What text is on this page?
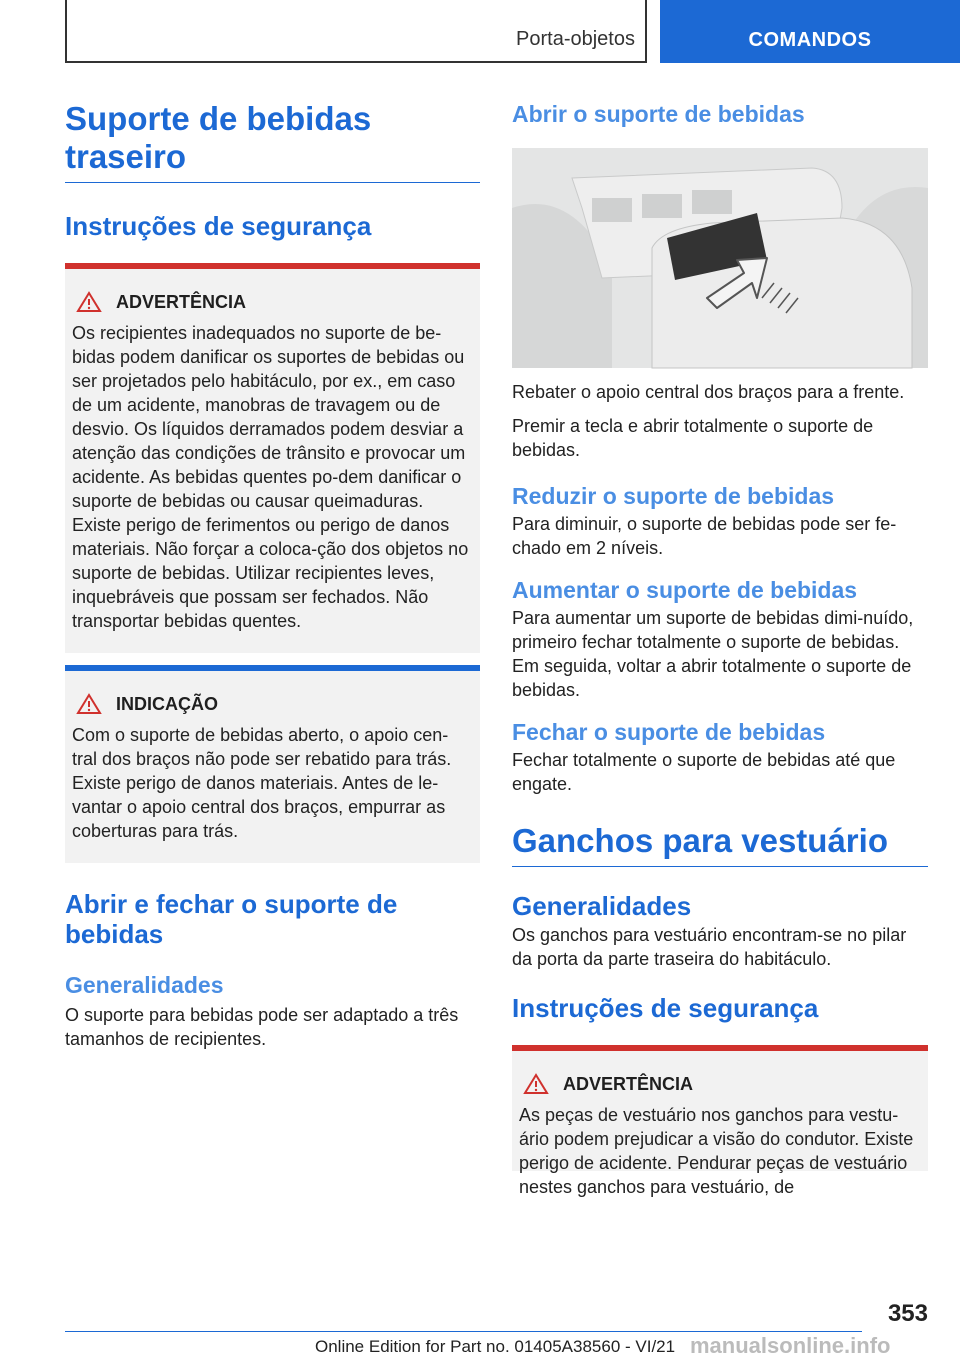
Porta-objetos	COMANDOS
Suporte de bebidas traseiro
Instruções de segurança
ADVERTÊNCIA

Os recipientes inadequados no suporte de be-bidas podem danificar os suportes de bebidas ou ser projetados pelo habitáculo, por ex., em caso de um acidente, manobras de travagem ou de desvio. Os líquidos derramados podem desviar a atenção das condições de trânsito e provocar um acidente. As bebidas quentes po-dem danificar o suporte de bebidas ou causar queimaduras. Existe perigo de ferimentos ou perigo de danos materiais. Não forçar a coloca-ção dos objetos no suporte de bebidas. Utilizar recipientes leves, inquebráveis que possam ser fechados. Não transportar bebidas quentes.

INDICAÇÃO

Com o suporte de bebidas aberto, o apoio cen-tral dos braços não pode ser rebatido para trás. Existe perigo de danos materiais. Antes de le-vantar o apoio central dos braços, empurrar as coberturas para trás.

Abrir e fechar o suporte de bebidas
Generalidades

O suporte para bebidas pode ser adaptado a três tamanhos de recipientes.

Abrir o suporte de bebidas

Rebater o apoio central dos braços para a frente.

Premir a tecla e abrir totalmente o suporte de bebidas.

Reduzir o suporte de bebidas

Para diminuir, o suporte de bebidas pode ser fe-chado em 2 níveis.

Aumentar o suporte de bebidas

Para aumentar um suporte de bebidas dimi-nuído, primeiro fechar totalmente o suporte de bebidas. Em seguida, voltar a abrir totalmente o suporte de bebidas.

Fechar o suporte de bebidas

Fechar totalmente o suporte de bebidas até que engate.

Ganchos para vestuário
Generalidades

Os ganchos para vestuário encontram-se no pilar da porta da parte traseira do habitáculo.

Instruções de segurança
ADVERTÊNCIA

As peças de vestuário nos ganchos para vestu-ário podem prejudicar a visão do condutor. Existe perigo de acidente. Pendurar peças de vestuário nestes ganchos para vestuário, de

353
Online Edition for Part no. 01405A38560 - VI/21 manualsonline.info
